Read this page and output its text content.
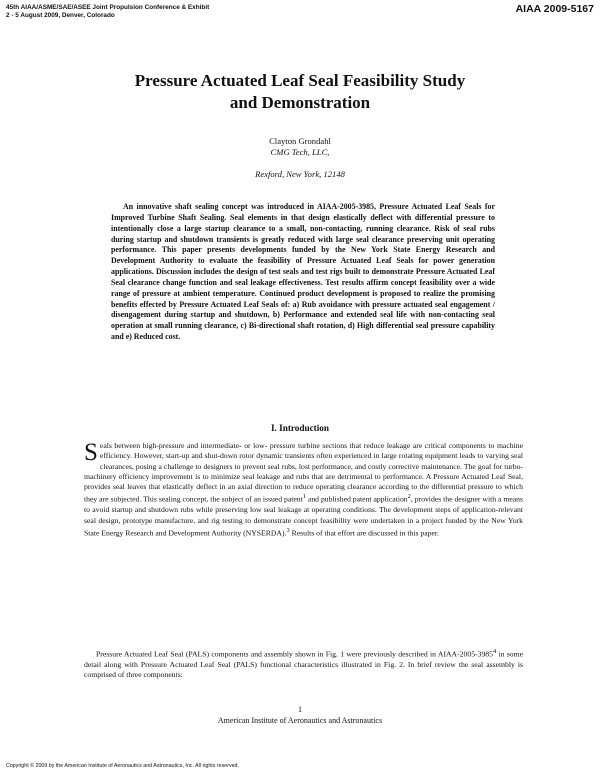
45th AIAA/ASME/SAE/ASEE Joint Propulsion Conference & Exhibit
2 - 5 August 2009, Denver, Colorado
AIAA 2009-5167
Pressure Actuated Leaf Seal Feasibility Study
and Demonstration
Clayton Grondahl
CMG Tech, LLC,
Rexford, New York, 12148

An innovative shaft sealing concept was introduced in AIAA-2005-3985, Pressure Actuated Leaf Seals for Improved Turbine Shaft Sealing. Seal elements in that design elastically deflect with differential pressure to intentionally close a large startup clearance to a small, non-contacting, running clearance. Risk of seal rubs during startup and shutdown transients is greatly reduced with large seal clearance preserving unit operating performance. This paper presents developments funded by the New York State Energy Research and Development Authority to evaluate the feasibility of Pressure Actuated Leaf Seals for power generation applications. Discussion includes the design of test seals and test rigs built to demonstrate Pressure Actuated Leaf Seal clearance change function and seal leakage effectiveness. Test results affirm concept feasibility over a wide range of pressure at ambient temperature. Continued product development is proposed to realize the promising benefits effected by Pressure Actuated Leaf Seals of: a) Rub avoidance with pressure actuated seal engagement / disengagement during startup and shutdown, b) Performance and extended seal life with non-contacting seal operation at small running clearance, c) Bi-directional shaft rotation, d) High differential seal pressure capability and e) Reduced cost.

I. Introduction

Seals between high-pressure and intermediate- or low- pressure turbine sections that reduce leakage are critical components to machine efficiency. However, start-up and shut-down rotor dynamic transients often experienced in large rotating equipment leads to varying seal clearances, posing a challenge to designers to prevent seal rubs, lost performance, and costly corrective maintenance. The goal for turbo-machinery efficiency improvement is to minimize seal leakage and rubs that are detrimental to performance. A Pressure Actuated Leaf Seal, provides seal leaves that elastically deflect in an axial direction to reduce operating clearance according to the differential pressure to which they are subjected. This sealing concept, the subject of an issued patent$^1$ and published patent application$^2$, provides the designer with a means to avoid startup and shutdown rubs while preserving low seal leakage at operating conditions. The development steps of application-relevant seal design, prototype manufacture, and rig testing to demonstrate concept feasibility were undertaken in a project funded by the New York State Energy Research and Development Authority (NYSERDA).$^3$ Results of that effort are discussed in this paper.

Pressure Actuated Leaf Seal (PALS) components and assembly shown in Fig. 1 were previously described in AIAA-2005-3985$^4$ in some detail along with Pressure Actuated Leaf Seal (PALS) functional characteristics illustrated in Fig. 2. In brief review the seal assembly is comprised of three components:

1
American Institute of Aeronautics and Astronautics
Copyright © 2009 by the American Institute of Aeronautics and Astronautics, Inc. All rights reserved.
